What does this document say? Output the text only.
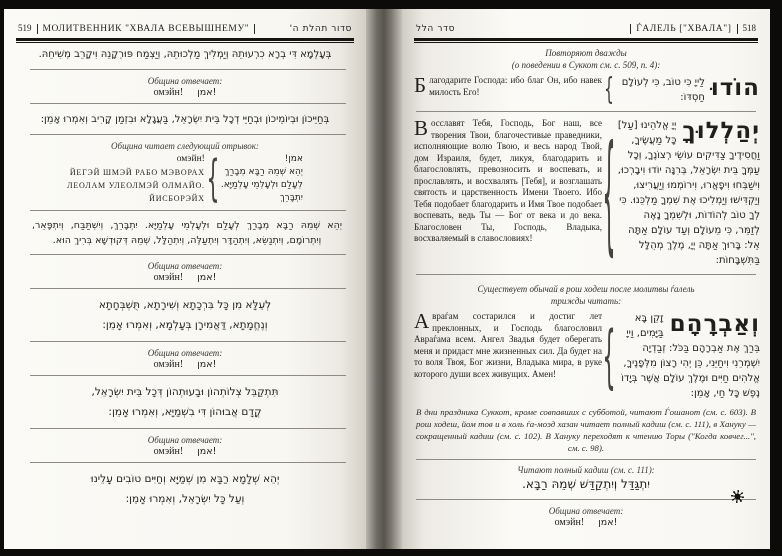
519	МОЛИТВЕННИК "ХВАЛА ВСЕВЫШНЕМУ"	סדור תהלת ה'

בְּעָלְמָא דִּי בְרָא כִרְעוּתֵהּ וְיַמְלִיךְ מַלְכוּתֵהּ, וְיַצְמַח פּוּרְקָנֵהּ וִיקָרֵב מְשִׁיחֵהּ.

Община отвечает:
омэйн! אמן!

בְּחַיֵּיכוֹן וּבְיוֹמֵיכוֹן וּבְחַיֵּי דְכָל בֵּית יִשְׂרָאֵל, בַּעֲגָלָא וּבִזְמַן קָרִיב וְאִמְרוּ אָמֵן:

Община читает следующий отрывок:
омэйн!
ЙЕГЭЙ ШМЭЙ РАБО МЭВОРАХ
ЛЕОЛАМ УЛЕОЛМЭЙ ОЛМАЙО.
ЙИСБОРЭЙХ {	אמן!
יְהֵא שְׁמֵהּ רַבָּא מְבָרַךְ
לְעָלַם וּלְעָלְמֵי עָלְמַיָּא.
יִתְבָּרֵךְ

יְהֵא שְׁמֵהּ רַבָּא מְבָרַךְ לְעָלַם וּלְעָלְמֵי עָלְמַיָּא. יִתְבָּרֵךְ, וְיִשְׁתַּבַּח, וְיִתְפָּאֵר, וְיִתְרוֹמָם, וְיִתְנַשֵּׂא, וְיִתְהַדָּר וְיִתְעַלֶּה, וְיִתְהַלָּל, שְׁמֵהּ דְּקוּדְשָׁא בְּרִיךְ הוּא.

Община отвечает:
омэйн! אמן!
לְעֵלָּא מִן כָּל בִּרְכָתָא וְשִׁירָתָא, תֻּשְׁבְּחָתָא
וְנֶחֱמָתָא, דַּאֲמִירָן בְּעָלְמָא, וְאִמְרוּ אָמֵן:
Община отвечает:
омэйн! אמן!
תִּתְקַבֵּל צְלוֹתְהוֹן וּבָעוּתְהוֹן דְּכָל בֵּית יִשְׂרָאֵל,
קֳדָם אֲבוּהוֹן דִּי בִשְׁמַיָּא, וְאִמְרוּ אָמֵן:
Община отвечает:
омэйн! אמן!
יְהֵא שְׁלָמָא רַבָּא מִן שְׁמַיָּא וְחַיִּים טוֹבִים עָלֵינוּ
וְעַל כָּל יִשְׂרָאֵל, וְאִמְרוּ אָמֵן:
סדר הלל	ЃАЛЕЛЬ ["ХВАЛА"]	518
Повторяют дважды
(о поведении в Суккот см. с. 509, п. 4):
Благодарите Господа: ибо благ Он, ибо навек милость Его!	{	הוֹדוּ
לַייָ כִּי טוֹב, כִּי לְעוֹלָם חַסְדּוֹ:
Восславят Тебя, Господь, Бог наш, все творения Твои, благочестивые праведники, исполняющие волю Твою, и весь народ Твой, дом Израиля, будет, ликуя, благодарить и благословлять, превозносить и воспевать, и прославлять, и восхвалять [Тебя], и возглашать святость и царственность Имени Твоего. Ибо Тебя подобает благодарить и Имя Твое подобает воспевать, ведь Ты — Бог от века и до века. Благословен Ты, Господь, Владыка, восхваляемый в славословиях!	{	יְהַלְלוּךָ
יְיָ אֱלֹהֵינוּ [עַל] כָּל מַעֲשֶׂיךָ, וַחֲסִידֶיךָ צַדִּיקִים עוֹשֵׂי רְצוֹנֶךָ, וְכָל עַמְּךָ בֵּית יִשְׂרָאֵל, בְּרִנָּה יוֹדוּ וִיבָרְכוּ, וִישַׁבְּחוּ וִיפָאֲרוּ, וִירוֹמְמוּ וְיַעֲרִיצוּ, וְיַקְדִּישׁוּ וְיַמְלִיכוּ אֶת שִׁמְךָ מַלְכֵּנוּ. כִּי לְךָ טוֹב לְהוֹדוֹת, וּלְשִׁמְךָ נָאֶה לְזַמֵּר, כִּי מֵעוֹלָם וְעַד עוֹלָם אַתָּה אֵל: בָּרוּךְ אַתָּה יְיָ, מֶלֶךְ מְהֻלָּל בַּתִּשְׁבָּחוֹת:
Существует обычай в рош ходеш после молитвы ѓалель
трижды читать:
Авраѓам состарился и достиг лет преклонных, и Господь благословил Авраѓама всем. Ангел Звадья будет оберегать меня и придаст мне жизненных сил. Да будет на то воля Твоя, Бог жизни, Владыка мира, в руке которого души всех живущих. Амен!	{ וְאַבְרָהָם
זָקֵן בָּא בַּיָּמִים, וַייָ בֵּרַךְ אֶת אַבְרָהָם בַּכֹּל: זְבַדְיָה יִשְׁמְרֵנִי וִיחַיֵּנִי, כֵּן יְהִי רָצוֹן מִלְּפָנֶיךָ, אֱלֹהִים חַיִּים וּמֶלֶךְ עוֹלָם אֲשֶׁר בְּיָדוֹ נֶפֶשׁ כָּל חַי, אָמֵן:

В дни праздника Суккот, кроме совпавших с субботой, читают Ѓошанот (см. с. 603). В рош ходеш, йом тов и в холь ѓа-моэд хазан читает полный кадиш (см. с. 111), в Хануку — сокращенный кадиш (см. с. 102). В Хануку переходят к чтению Торы ("Когда ковчег...", см. с. 98).

Читают полный кадиш (см. с. 111):
יִתְגַּדַּל וְיִתְקַדַּשׁ שְׁמֵהּ רַבָּא.
Община отвечает:
омэйн! אמן!
